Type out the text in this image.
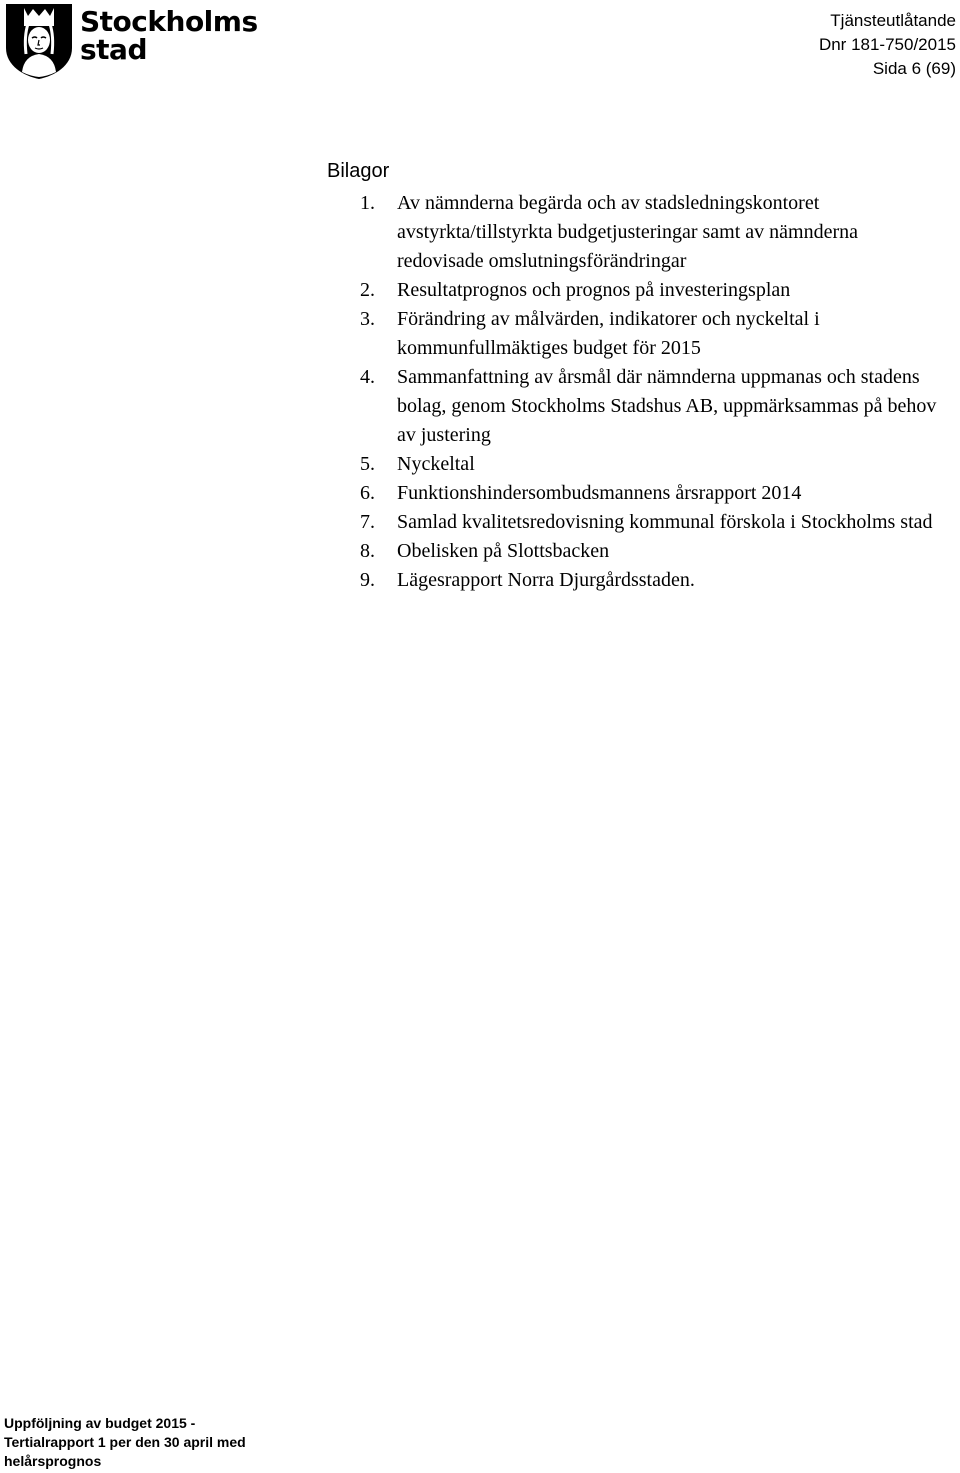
Stockholms
stad
Tjänsteutlåtande
Dnr 181-750/2015
Sida 6 (69)
Bilagor
1. Av nämnderna begärda och av stadsledningskontoret avstyrkta/tillstyrkta budgetjusteringar samt av nämnderna redovisade omslutningsförändringar
2. Resultatprognos och prognos på investeringsplan
3. Förändring av målvärden, indikatorer och nyckeltal i kommunfullmäktiges budget för 2015
4. Sammanfattning av årsmål där nämnderna uppmanas och stadens bolag, genom Stockholms Stadshus AB, uppmärksammas på behov av justering
5. Nyckeltal
6. Funktionshindersombudsmannens årsrapport 2014
7. Samlad kvalitetsredovisning kommunal förskola i Stockholms stad
8. Obelisken på Slottsbacken
9. Lägesrapport Norra Djurgårdsstaden.
Uppföljning av budget 2015 -
Tertialrapport 1 per den 30 april med
helårsprognos
